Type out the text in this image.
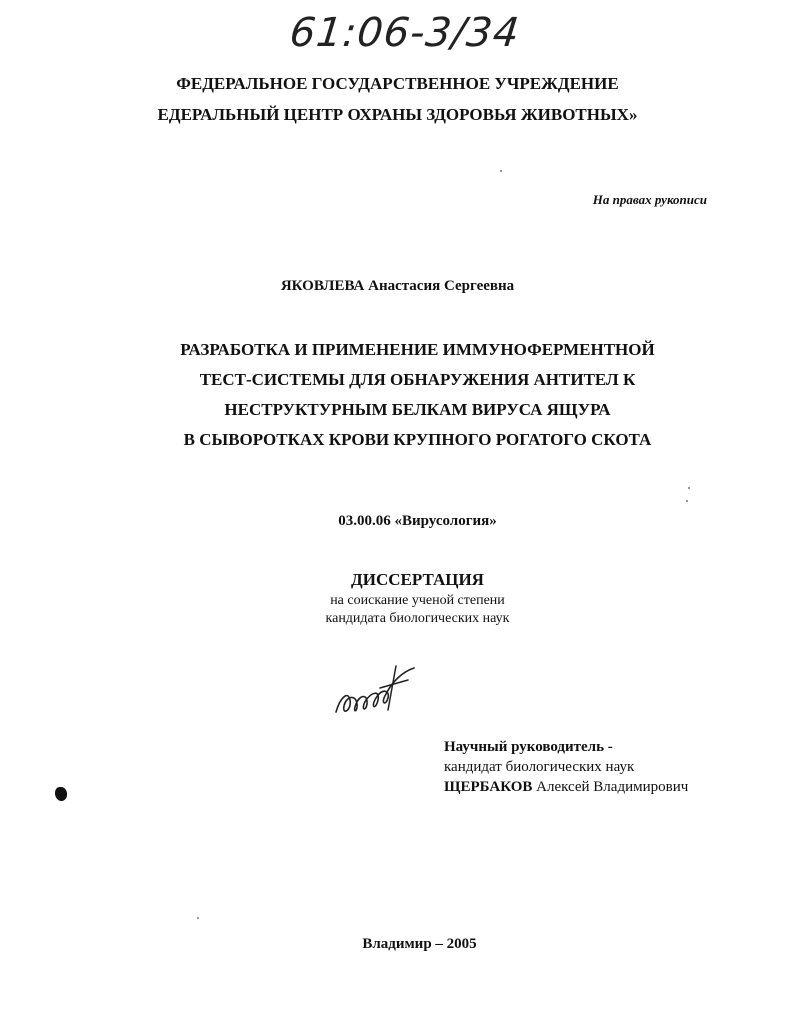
61:06-3/34
ФЕДЕРАЛЬНОЕ ГОСУДАРСТВЕННОЕ УЧРЕЖДЕНИЕ
ЕДЕРАЛЬНЫЙ ЦЕНТР ОХРАНЫ ЗДОРОВЬЯ ЖИВОТНЫХ»
На правах рукописи
ЯКОВЛЕВА Анастасия Сергеевна
РАЗРАБОТКА И ПРИМЕНЕНИЕ ИММУНОФЕРМЕНТНОЙ
ТЕСТ-СИСТЕМЫ ДЛЯ ОБНАРУЖЕНИЯ АНТИТЕЛ К
НЕСТРУКТУРНЫМ БЕЛКАМ ВИРУСА ЯЩУРА
В СЫВОРОТКАХ КРОВИ КРУПНОГО РОГАТОГО СКОТА
03.00.06 «Вирусология»
ДИССЕРТАЦИЯ
на соискание ученой степени
кандидата биологических наук
Научный руководитель -
кандидат биологических наук
ЩЕРБАКОВ Алексей Владимирович
Владимир – 2005
